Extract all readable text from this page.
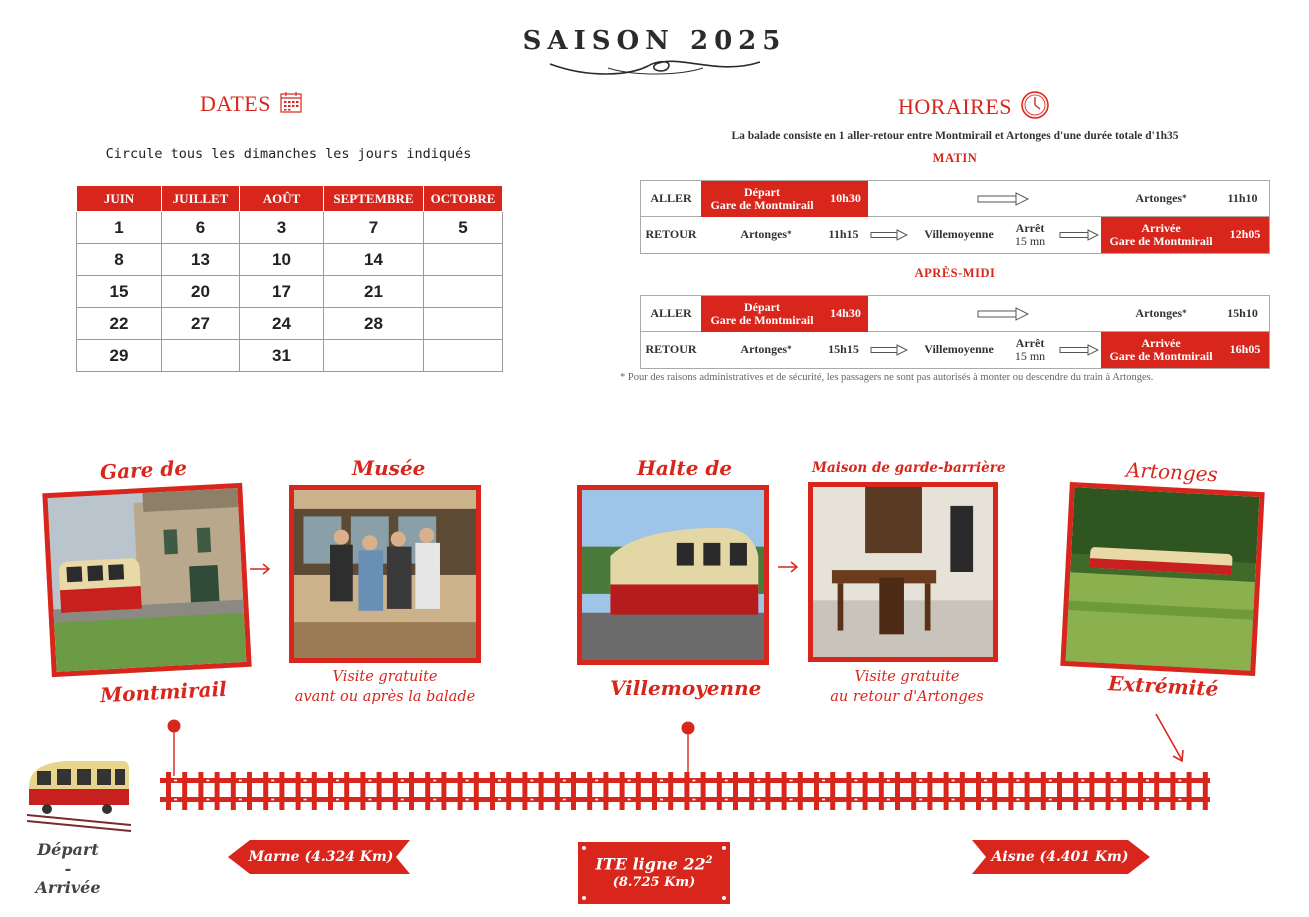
SAISON 2025
DATES
Circule tous les dimanches les jours indiqués
JUIN	JUILLET	AOÛT	SEPTEMBRE	OCTOBRE
1	6	3	7	5
8	13	10	14	
15	20	17	21	
22	27	24	28	
29		31		
HORAIRES
La balade consiste en 1 aller-retour entre Montmirail et Artonges d'une durée totale d'1h35
MATIN
ALLER	Départ
Gare de Montmirail	10h30	Artonges *	11h10
RETOUR	Artonges *	11h15	Villemoyenne	Arrêt
15 mn
Arrivée
Gare de Montmirail	12h05
APRÈS-MIDI
ALLER	Départ
Gare de Montmirail	14h30	Artonges *	15h10
RETOUR	Artonges *	15h15	Villemoyenne	Arrêt
15 mn
Arrivée
Gare de Montmirail	16h05
* Pour des raisons administratives et de sécurité, les passagers ne sont pas autorisés à monter ou descendre du train à Artonges.
Gare de
Montmirail
Musée
Visite gratuite
avant ou après la balade
Halte de
Villemoyenne
Maison de garde-barrière
Visite gratuite
au retour d'Artonges
Artonges
Extrémité
Départ
-
Arrivée
Marne (4.324 Km)	ITE ligne $22^2$
(8.725 Km)
Aisne (4.401 Km)
